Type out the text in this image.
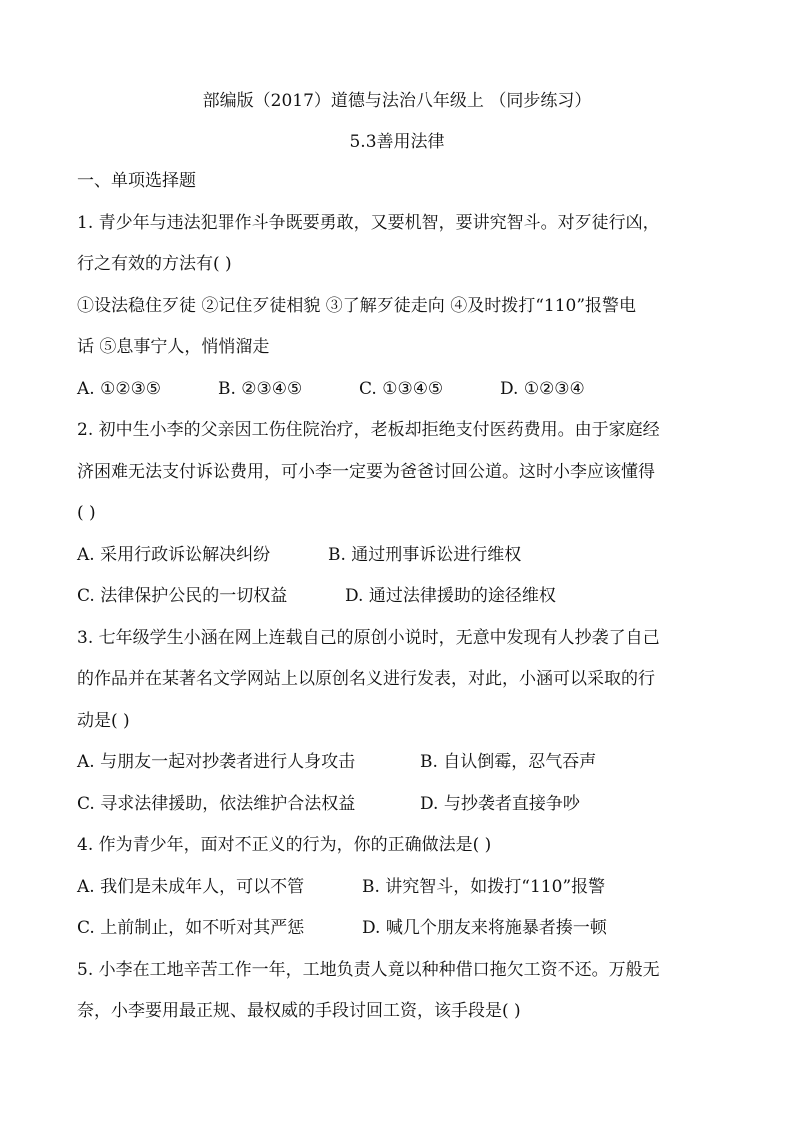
部编版（2017）道德与法治八年级上 （同步练习）
5.3善用法律
一、单项选择题
1. 青少年与违法犯罪作斗争既要勇敢，又要机智，要讲究智斗。对歹徒行凶，
行之有效的方法有( )
①设法稳住歹徒 ②记住歹徒相貌 ③了解歹徒走向 ④及时拨打“110”报警电
话 ⑤息事宁人，悄悄溜走
A. ①②③⑤	B. ②③④⑤	C. ①③④⑤	D. ①②③④
2. 初中生小李的父亲因工伤住院治疗，老板却拒绝支付医药费用。由于家庭经
济困难无法支付诉讼费用，可小李一定要为爸爸讨回公道。这时小李应该懂得
( )
A. 采用行政诉讼解决纠纷	B. 通过刑事诉讼进行维权
C. 法律保护公民的一切权益	D. 通过法律援助的途径维权
3. 七年级学生小涵在网上连载自己的原创小说时，无意中发现有人抄袭了自己
的作品并在某著名文学网站上以原创名义进行发表，对此，小涵可以采取的行
动是( )
A. 与朋友一起对抄袭者进行人身攻击	B. 自认倒霉，忍气吞声
C. 寻求法律援助，依法维护合法权益	D. 与抄袭者直接争吵
4. 作为青少年，面对不正义的行为，你的正确做法是( )
A. 我们是未成年人，可以不管	B. 讲究智斗，如拨打“110”报警
C. 上前制止，如不听对其严惩	D. 喊几个朋友来将施暴者揍一顿
5. 小李在工地辛苦工作一年，工地负责人竟以种种借口拖欠工资不还。万般无
奈，小李要用最正规、最权威的手段讨回工资，该手段是( )
